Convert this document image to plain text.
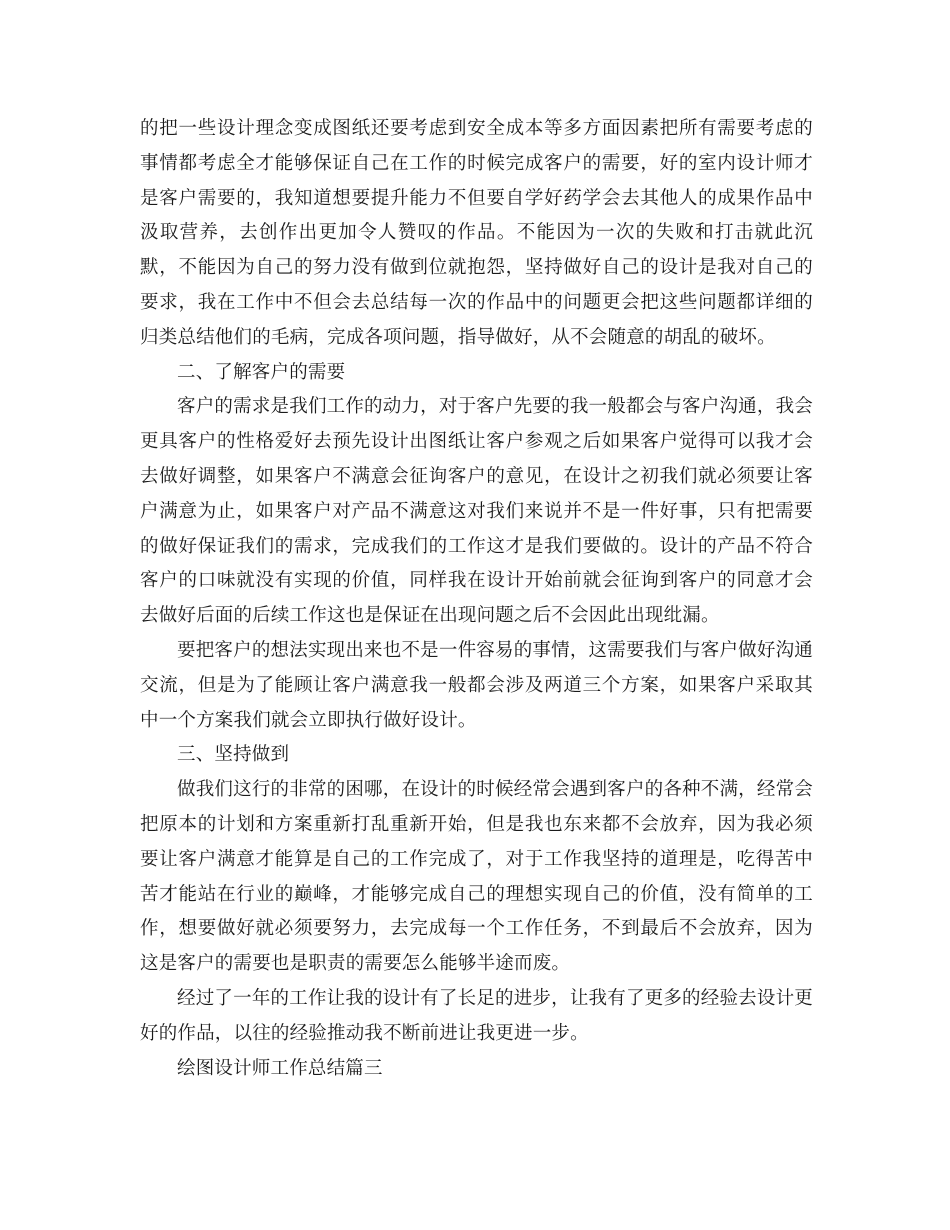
的把一些设计理念变成图纸还要考虑到安全成本等多方面因素把所有需要考虑的事情都考虑全才能够保证自己在工作的时候完成客户的需要，好的室内设计师才是客户需要的，我知道想要提升能力不但要自学好药学会去其他人的成果作品中汲取营养，去创作出更加令人赞叹的作品。不能因为一次的失败和打击就此沉默，不能因为自己的努力没有做到位就抱怨，坚持做好自己的设计是我对自己的要求，我在工作中不但会去总结每一次的作品中的问题更会把这些问题都详细的归类总结他们的毛病，完成各项问题，指导做好，从不会随意的胡乱的破坏。

二、了解客户的需要

客户的需求是我们工作的动力，对于客户先要的我一般都会与客户沟通，我会更具客户的性格爱好去预先设计出图纸让客户参观之后如果客户觉得可以我才会去做好调整，如果客户不满意会征询客户的意见，在设计之初我们就必须要让客户满意为止，如果客户对产品不满意这对我们来说并不是一件好事，只有把需要的做好保证我们的需求，完成我们的工作这才是我们要做的。设计的产品不符合客户的口味就没有实现的价值，同样我在设计开始前就会征询到客户的同意才会去做好后面的后续工作这也是保证在出现问题之后不会因此出现纰漏。

要把客户的想法实现出来也不是一件容易的事情，这需要我们与客户做好沟通交流，但是为了能顾让客户满意我一般都会涉及两道三个方案，如果客户采取其中一个方案我们就会立即执行做好设计。

三、坚持做到

做我们这行的非常的困哪，在设计的时候经常会遇到客户的各种不满，经常会把原本的计划和方案重新打乱重新开始，但是我也东来都不会放弃，因为我必须要让客户满意才能算是自己的工作完成了，对于工作我坚持的道理是，吃得苦中苦才能站在行业的巅峰，才能够完成自己的理想实现自己的价值，没有简单的工作，想要做好就必须要努力，去完成每一个工作任务，不到最后不会放弃，因为这是客户的需要也是职责的需要怎么能够半途而废。

经过了一年的工作让我的设计有了长足的进步，让我有了更多的经验去设计更好的作品，以往的经验推动我不断前进让我更进一步。

绘图设计师工作总结篇三
